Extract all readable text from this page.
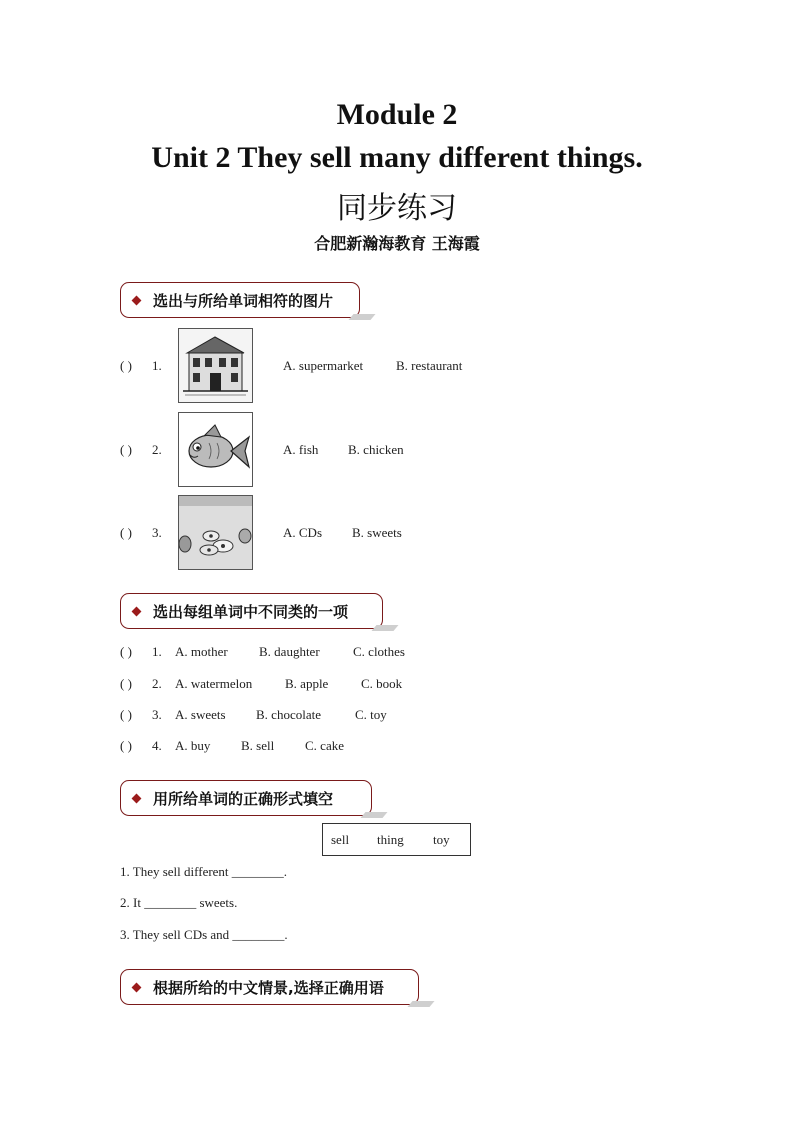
Module 2
Unit 2 They sell many different things.
同步练习
合肥新瀚海教育 王海霞
选出与所给单词相符的图片
( ) 1.	A. supermarket	B. restaurant
( ) 2.	A. fish B. chicken
( ) 3.	A. CDs B. sweets
选出每组单词中不同类的一项
( ) 1. A. mother B. daughter	C. clothes
( ) 2. A. watermelon	B. apple	C. book
( ) 3. A. sweets B. chocolate	C. toy
( ) 4. A. buy B. sell C. cake
用所给单词的正确形式填空
sell thing toy
1. They sell different ________.
2. It ________ sweets.
3. They sell CDs and ________.
根据所给的中文情景,选择正确用语
